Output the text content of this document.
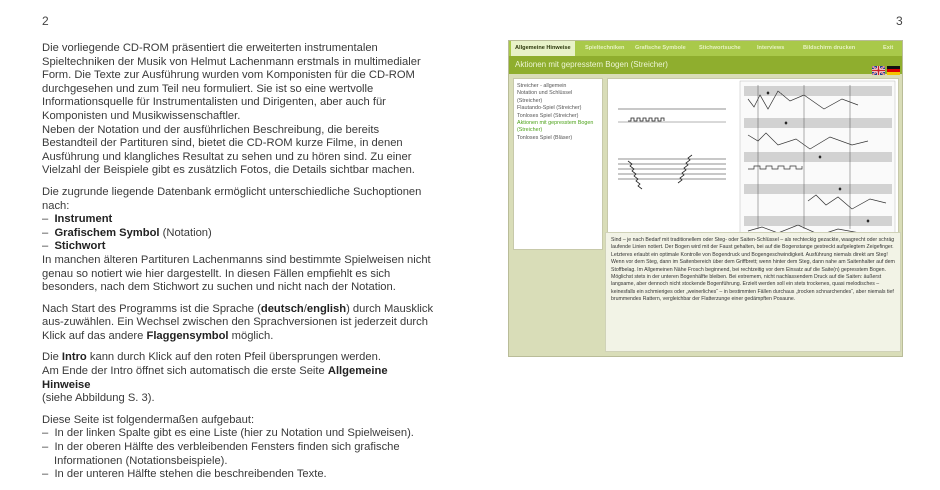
2	3

Die vorliegende CD-ROM präsentiert die erweiterten instrumentalen Spieltechniken der Musik von Helmut Lachenmann erstmals in multimedialer Form. Die Texte zur Ausführung wurden vom Komponisten für die CD-ROM durchgesehen und zum Teil neu formuliert. Sie ist so eine wertvolle Informationsquelle für Instrumentalisten und Dirigenten, aber auch für Komponisten und Musikwissenschaftler.
Neben der Notation und der ausführlichen Beschreibung, die bereits Bestandteil der Partituren sind, bietet die CD-ROM kurze Filme, in denen Ausführung und klangliches Resultat zu sehen und zu hören sind. Zu einer Vielzahl der Beispiele gibt es zusätzlich Fotos, die Details sichtbar machen.

Die zugrunde liegende Datenbank ermöglicht unterschiedliche Suchoptionen nach:
– Instrument
– Grafischem Symbol (Notation)
– Stichwort
In manchen älteren Partituren Lachenmanns sind bestimmte Spielweisen nicht genau so notiert wie hier dargestellt. In diesen Fällen empfiehlt es sich besonders, nach dem Stichwort zu suchen und nicht nach der Notation.

Nach Start des Programms ist die Sprache (deutsch/english) durch Mausklick aus-zuwählen. Ein Wechsel zwischen den Sprachversionen ist jederzeit durch Klick auf das andere Flaggensymbol möglich.

Die Intro kann durch Klick auf den roten Pfeil übersprungen werden.
Am Ende der Intro öffnet sich automatisch die erste Seite Allgemeine Hinweise
(siehe Abbildung S. 3).

Diese Seite ist folgendermaßen aufgebaut:
– In der linken Spalte gibt es eine Liste (hier zu Notation und Spielweisen).
– In der oberen Hälfte des verbleibenden Fensters finden sich grafische Informationen (Notationsbeispiele).
– In der unteren Hälfte stehen die beschreibenden Texte.

Allgemeine Hinweise	Spieltechniken Grafische Symbole Stichwortsuche	Interviews	Bildschirm drucken	Exit
Aktionen mit gepresstem Bogen (Streicher)
Streicher - allgemein
Notation und Schlüssel
(Streicher)
Flautando-Spiel (Streicher)
Tonloses Spiel (Streicher)
Aktionen mit gepresstem Bogen
(Streicher)
Tonloses Spiel (Bläser)
Sind – je nach Bedarf mit traditionellem oder Steg- oder Saiten-Schlüssel – als rechteckig gezackte, waagrecht oder schräg laufende Linien notiert. Der Bogen wird mit der Faust gehalten, bei auf die Bogenstange gestreckt aufgelegtem Zeigefinger. Letzteres erlaubt ein optimale Kontrolle von Bogendruck und Bogengeschwindigkeit. Ausführung niemals direkt am Steg! Wenn vor dem Steg, dann im Saitenbereich über dem Griffbrett; wenn hinter dem Steg, dann nahe am Saitenhalter auf dem Stoffbelag. Im Allgemeinen Nähe Frosch beginnend, bei rechtzeitig vor dem Einsatz auf die Saite(n) gepresstem Bogen. Möglichst stets in der unteren Bogenhälfte bleiben. Bei extremem, nicht nachlassendem Druck auf die Saiten: äußerst langsame, aber dennoch nicht stockende Bogenführung. Erzielt werden soll ein stets trockenes, quasi melodisches – keinesfalls ein schmieriges oder „weinerliches“ – in bestimmten Fällen durchaus „trocken schnarchendes“, aber niemals tief brummendes Rattern, vergleichbar der Flatterzunge einer gedämpften Posaune.
